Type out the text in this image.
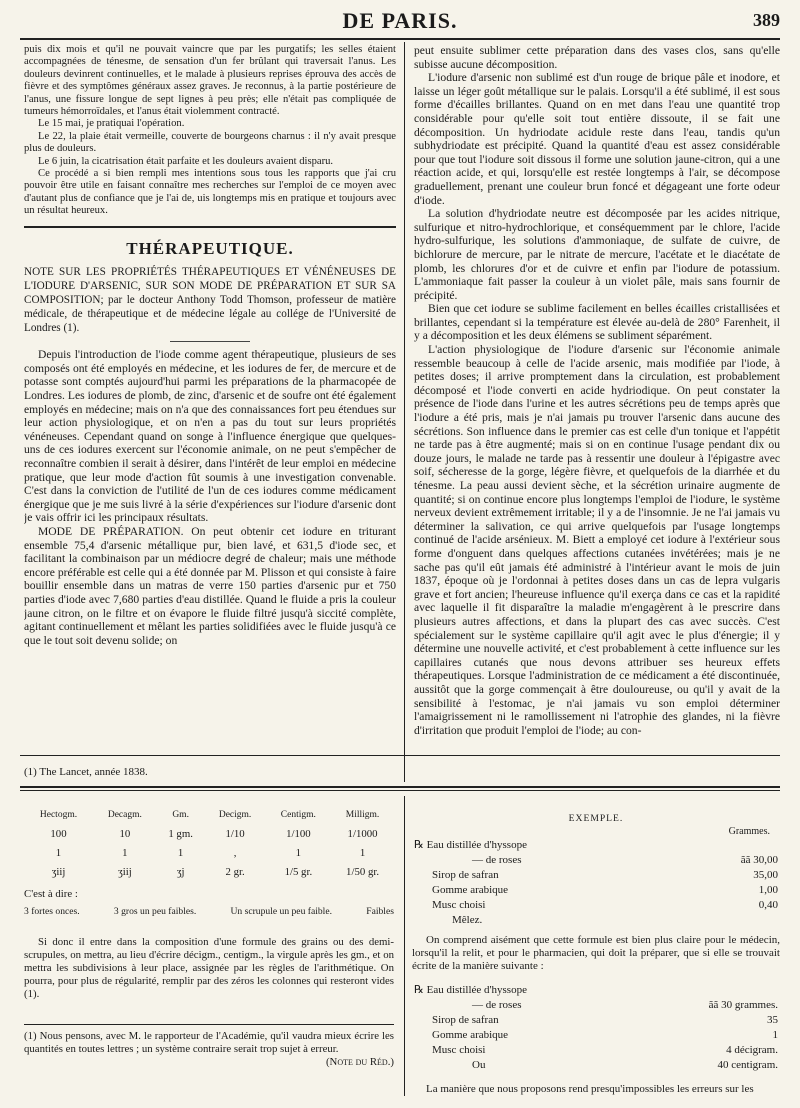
DE PARIS.	389

puis dix mois et qu'il ne pouvait vaincre que par les purgatifs; les selles étaient accompagnées de ténesme, de sensation d'un fer brûlant qui traversait l'anus. Les douleurs devinrent continuelles, et le malade à plusieurs reprises éprouva des accès de fièvre et des symptômes généraux assez graves. Je reconnus, à la partie postérieure de l'anus, une fissure longue de sept lignes à peu près; elle n'était pas compliquée de tumeurs hémorroïdales, et l'anus était violemment contracté.

Le 15 mai, je pratiquai l'opération.

Le 22, la plaie était vermeille, couverte de bourgeons charnus : il n'y avait presque plus de douleurs.

Le 6 juin, la cicatrisation était parfaite et les douleurs avaient disparu.

Ce procédé a si bien rempli mes intentions sous tous les rapports que j'ai cru pouvoir être utile en faisant connaître mes recherches sur l'emploi de ce moyen avec d'autant plus de confiance que je l'ai de, uis longtemps mis en pratique et toujours avec un résultat heureux.

THÉRAPEUTIQUE.

NOTE SUR LES PROPRIÉTÉS THÉRAPEUTIQUES ET VÉNÉNEUSES DE L'IODURE D'ARSENIC, SUR SON MODE DE PRÉPARATION ET SUR SA COMPOSITION; par le docteur Anthony Todd Thomson, professeur de matière médicale, de thérapeutique et de médecine légale au collége de l'Université de Londres (1).

Depuis l'introduction de l'iode comme agent thérapeutique, plusieurs de ses composés ont été employés en médecine, et les iodures de fer, de mercure et de potasse sont comptés aujourd'hui parmi les préparations de la pharmacopée de Londres. Les iodures de plomb, de zinc, d'arsenic et de soufre ont été également employés en médecine; mais on n'a que des connaissances fort peu étendues sur leur action physiologique, et on n'en a pas du tout sur leurs propriétés vénéneuses. Cependant quand on songe à l'influence énergique que quelques-uns de ces iodures exercent sur l'économie animale, on ne peut s'empêcher de reconnaître combien il serait à désirer, dans l'intérêt de leur emploi en médecine pratique, que leur mode d'action fût soumis à une investigation convenable. C'est dans la conviction de l'utilité de l'un de ces iodures comme médicament énergique que je me suis livré à la série d'expériences sur l'iodure d'arsenic dont je vais offrir ici les principaux résultats.

MODE DE PRÉPARATION. On peut obtenir cet iodure en triturant ensemble 75,4 d'arsenic métallique pur, bien lavé, et 631,5 d'iode sec, et facilitant la combinaison par un médiocre degré de chaleur; mais une méthode encore préférable est celle qui a été donnée par M. Plisson et qui consiste à faire bouillir ensemble dans un matras de verre 150 parties d'arsenic pur et 750 parties d'iode avec 7,680 parties d'eau distillée. Quand le fluide a pris la couleur jaune citron, on le filtre et on évapore le fluide filtré jusqu'à siccité complète, agitant continuellement et mêlant les parties solidifiées avec le fluide jusqu'à ce que le tout soit devenu solide; on

peut ensuite sublimer cette préparation dans des vases clos, sans qu'elle subisse aucune décomposition.

L'iodure d'arsenic non sublimé est d'un rouge de brique pâle et inodore, et laisse un léger goût métallique sur le palais. Lorsqu'il a été sublimé, il est sous forme d'écailles brillantes. Quand on en met dans l'eau une quantité trop considérable pour qu'elle soit tout entière dissoute, il se fait une décomposition. Un hydriodate acidule reste dans l'eau, tandis qu'un subhydriodate est précipité. Quand la quantité d'eau est assez considérable pour que tout l'iodure soit dissous il forme une solution jaune-citron, qui a une réaction acide, et qui, lorsqu'elle est restée longtemps à l'air, se décompose graduellement, prenant une couleur brun foncé et dégageant une forte odeur d'iode.

La solution d'hydriodate neutre est décomposée par les acides nitrique, sulfurique et nitro-hydrochlorique, et conséquemment par le chlore, l'acide hydro-sulfurique, les solutions d'ammoniaque, de sulfate de cuivre, de bichlorure de mercure, par le nitrate de mercure, l'acétate et le diacétate de plomb, les chlorures d'or et de cuivre et enfin par l'iodure de potassium. L'ammoniaque fait passer la couleur à un violet pâle, mais sans fournir de précipité.

Bien que cet iodure se sublime facilement en belles écailles cristallisées et brillantes, cependant si la température est élevée au-delà de 280° Farenheit, il y a décomposition et les deux élémens se subliment séparément.

L'action physiologique de l'iodure d'arsenic sur l'économie animale ressemble beaucoup à celle de l'acide arsenic, mais modifiée par l'iode, à petites doses; il arrive promptement dans la circulation, est probablement décomposé et l'iode converti en acide hydriodique. On peut constater la présence de l'iode dans l'urine et les autres sécrétions peu de temps après que l'iodure a été pris, mais je n'ai jamais pu trouver l'arsenic dans aucune des sécrétions. Son influence dans le premier cas est celle d'un tonique et l'appétit ne tarde pas à être augmenté; mais si on en continue l'usage pendant dix ou douze jours, le malade ne tarde pas à ressentir une douleur à l'épigastre avec soif, sécheresse de la gorge, légère fièvre, et quelquefois de la diarrhée et du ténesme. La peau aussi devient sèche, et la sécrétion urinaire augmente de quantité; si on continue encore plus longtemps l'emploi de l'iodure, le système nerveux devient extrêmement irritable; il y a de l'insomnie. Je ne l'ai jamais vu déterminer la salivation, ce qui arrive quelquefois par l'usage longtemps continué de l'acide arsénieux. M. Biett a employé cet iodure à l'extérieur sous forme d'onguent dans quelques affections cutanées invétérées; mais je ne sache pas qu'il eût jamais été administré à l'intérieur avant le mois de juin 1837, époque où je l'ordonnai à petites doses dans un cas de lepra vulgaris grave et fort ancien; l'heureuse influence qu'il exerça dans ce cas et la rapidité avec laquelle il fit disparaître la maladie m'engagèrent à le prescrire dans plusieurs autres affections, et dans la plupart des cas avec succès. C'est spécialement sur le système capillaire qu'il agit avec le plus d'énergie; il y détermine une nouvelle activité, et c'est probablement à cette influence sur les capillaires cutanés que nous devons attribuer ses heureux effets thérapeutiques. Lorsque l'administration de ce médicament a été discontinuée, aussitôt que la gorge commençait à être douloureuse, ou qu'il y avait de la sensibilité à l'estomac, je n'ai jamais vu son emploi déterminer l'amaigrissement ni le ramollissement ni l'atrophie des glandes, ni la fièvre d'irritation que produit l'emploi de l'iode; au con-

(1) The Lancet, année 1838.
Hectogm.	Decagm.	Gm.	Decigm.	Centigm.	Milligm.
100	10	1 gm.	1/10	1/100	1/1000
1	1	1	,	1	1
ʒiij	ʒiij	ʒj	2 gr.	1/5 gr.	1/50 gr.
C'est à dire :
3 fortes onces.	3 gros un peu faibles.	Un scrupule un peu faible.	Faibles

Si donc il entre dans la composition d'une formule des grains ou des demi-scrupules, on mettra, au lieu d'écrire décigm., centigm., la virgule après les gm., et on mettra les subdivisions à leur place, assignée par les règles de l'arithmétique. On pourra, pour plus de régularité, remplir par des zéros les colonnes qui resteront vides (1).

(1) Nous pensons, avec M. le rapporteur de l'Académie, qu'il vaudra mieux écrire les quantités en toutes lettres ; un système contraire serait trop sujet à erreur.
(Note du Réd.)
EXEMPLE.
Grammes.
℞ Eau distillée d'hyssope	
— de roses	ãã 30,00
Sirop de safran	35,00
Gomme arabique	1,00
Musc choisi	0,40
Mêlez.	

On comprend aisément que cette formule est bien plus claire pour le médecin, lorsqu'il la relit, et pour le pharmacien, qui doit la préparer, que si elle se trouvait écrite de la manière suivante :

℞ Eau distillée d'hyssope	
— de roses	ãã 30 grammes.
Sirop de safran	35
Gomme arabique	1
Musc choisi	4 décigram.
Ou	40 centigram.

La manière que nous proposons rend presqu'impossibles les erreurs sur les
